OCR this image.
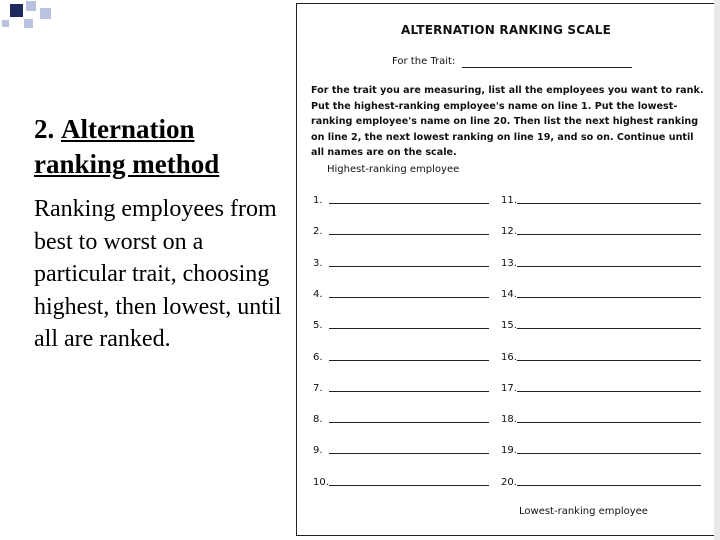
2. Alternation ranking method
Ranking employees from best to worst on a particular trait, choosing highest, then lowest, until all are ranked.
ALTERNATION RANKING SCALE
For the Trait:
For the trait you are measuring, list all the employees you want to rank. Put the highest-ranking employee's name on line 1. Put the lowest-ranking employee's name on line 20. Then list the next highest ranking on line 2, the next lowest ranking on line 19, and so on. Continue until all names are on the scale.
Highest-ranking employee
1.
2.
3.
4.
5.
6.
7.
8.
9.
10.
11.
12.
13.
14.
15.
16.
17.
18.
19.
20.
Lowest-ranking employee
